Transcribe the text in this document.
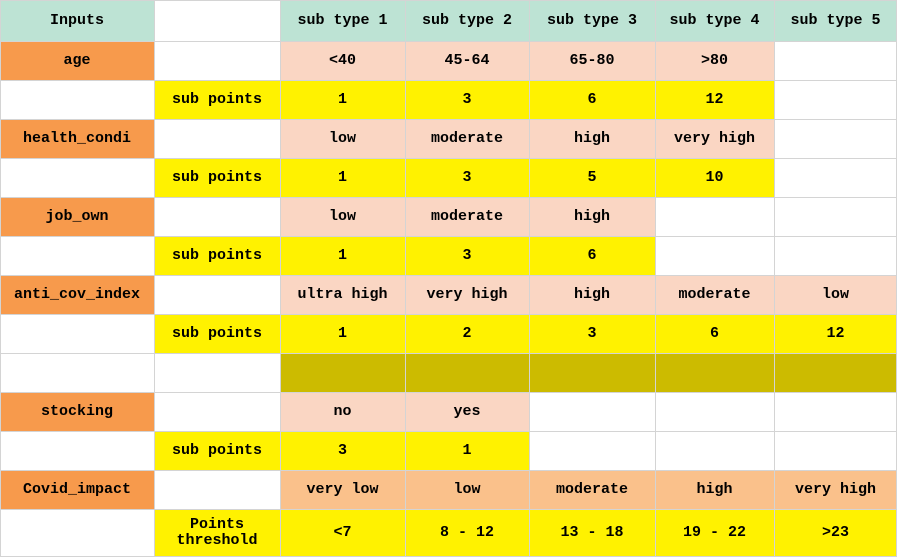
Inputs	sub type 1	sub type 2	sub type 3	sub type 4	sub type 5
age	<40	45-64	65-80	>80
sub points	1	3	6	12
health_condi	low	moderate	high	very high
sub points	1	3	5	10
job_own	low	moderate	high
sub points	1	3	6
anti_cov_index	ultra high	very high	high	moderate	low
sub points	1	2	3	6	12
stocking	no	yes
sub points	3	1
Covid_impact	very low	low	moderate	high	very high
Points
threshold	<7	8 - 12	13 - 18	19 - 22	>23
